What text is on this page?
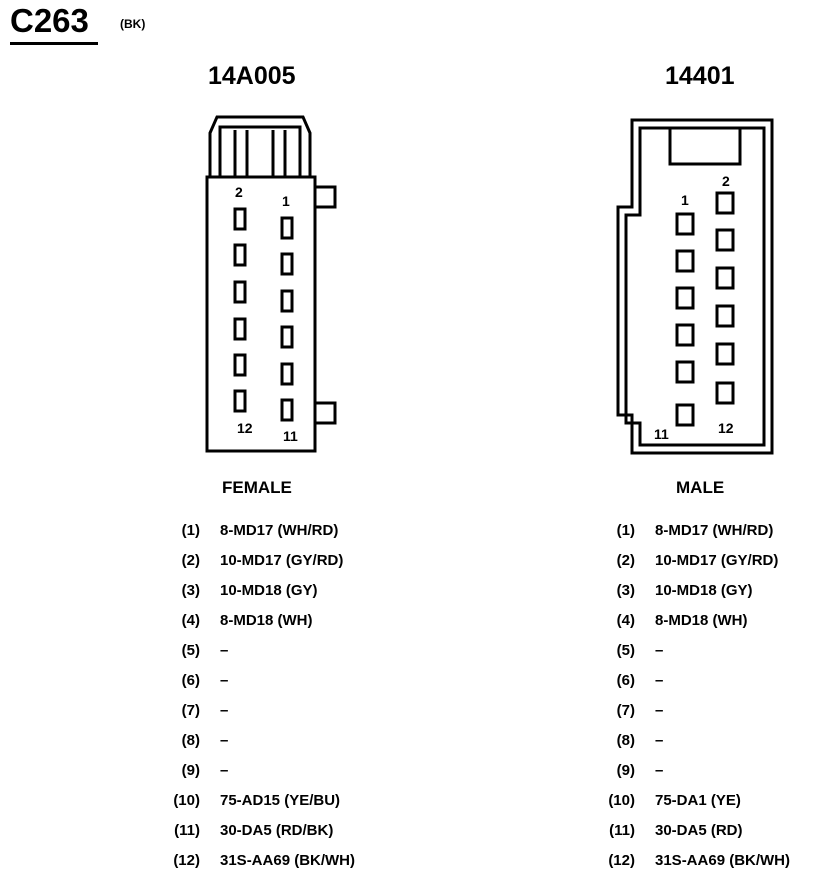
C263	(BK)
14A005	14401
2
1
12 11
1
2
11	12
FEMALE	MALE
(1) 8-MD17 (WH/RD)
(2) 10-MD17 (GY/RD)
(3) 10-MD18 (GY)
(4) 8-MD18 (WH)
(5) –
(6) –
(7) –
(8) –
(9) –
(10) 75-AD15 (YE/BU)
(11) 30-DA5 (RD/BK)
(12) 31S-AA69 (BK/WH)
(1) 8-MD17 (WH/RD)
(2) 10-MD17 (GY/RD)
(3) 10-MD18 (GY)
(4) 8-MD18 (WH)
(5) –
(6) –
(7) –
(8) –
(9) –
(10) 75-DA1 (YE)
(11) 30-DA5 (RD)
(12) 31S-AA69 (BK/WH)
